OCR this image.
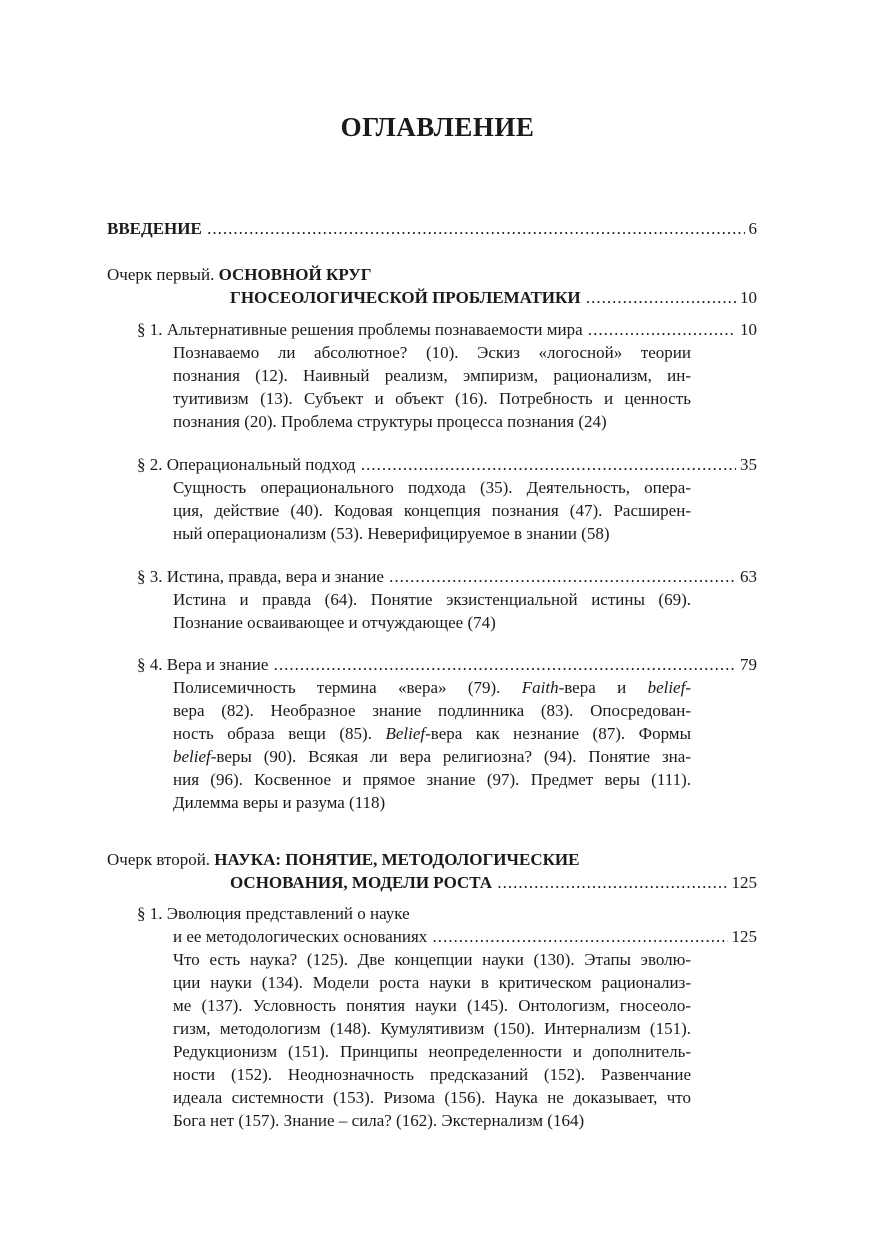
ОГЛАВЛЕНИЕ
ВВЕДЕНИЕ .....	6
Очерк первый. ОСНОВНОЙ КРУГ
ГНОСЕОЛОГИЧЕСКОЙ ПРОБЛЕМАТИКИ .....	10
§ 1. Альтернативные решения проблемы познаваемости мира .....	10
Познаваемо ли абсолютное? (10). Эскиз «логосной» теории
познания (12). Наивный реализм, эмпиризм, рационализм, ин-
туитивизм (13). Субъект и объект (16). Потребность и ценность
познания (20). Проблема структуры процесса познания (24)
§ 2. Операциональный подход .....	35
Сущность операционального подхода (35). Деятельность, опера-
ция, действие (40). Кодовая концепция познания (47). Расширен-
ный операционализм (53). Неверифицируемое в знании (58)
§ 3. Истина, правда, вера и знание .....	63
Истина и правда (64). Понятие экзистенциальной истины (69).
Познание осваивающее и отчуждающее (74)
§ 4. Вера и знание .....	79
Полисемичность термина «вера» (79). Faith-вера и belief-
вера (82). Необразное знание подлинника (83). Опосредован-
ность образа вещи (85). Belief-вера как незнание (87). Формы
belief-веры (90). Всякая ли вера религиозна? (94). Понятие зна-
ния (96). Косвенное и прямое знание (97). Предмет веры (111).
Дилемма веры и разума (118)
Очерк второй. НАУКА: ПОНЯТИЕ, МЕТОДОЛОГИЧЕСКИЕ
ОСНОВАНИЯ, МОДЕЛИ РОСТА .....	125
§ 1. Эволюция представлений о науке
и ее методологических основаниях .....	125
Что есть наука? (125). Две концепции науки (130). Этапы эволю-
ции науки (134). Модели роста науки в критическом рационализ-
ме (137). Условность понятия науки (145). Онтологизм, гносеоло-
гизм, методологизм (148). Кумулятивизм (150). Интернализм (151).
Редукционизм (151). Принципы неопределенности и дополнитель-
ности (152). Неоднозначность предсказаний (152). Развенчание
идеала системности (153). Ризома (156). Наука не доказывает, что
Бога нет (157). Знание – сила? (162). Экстернализм (164)
